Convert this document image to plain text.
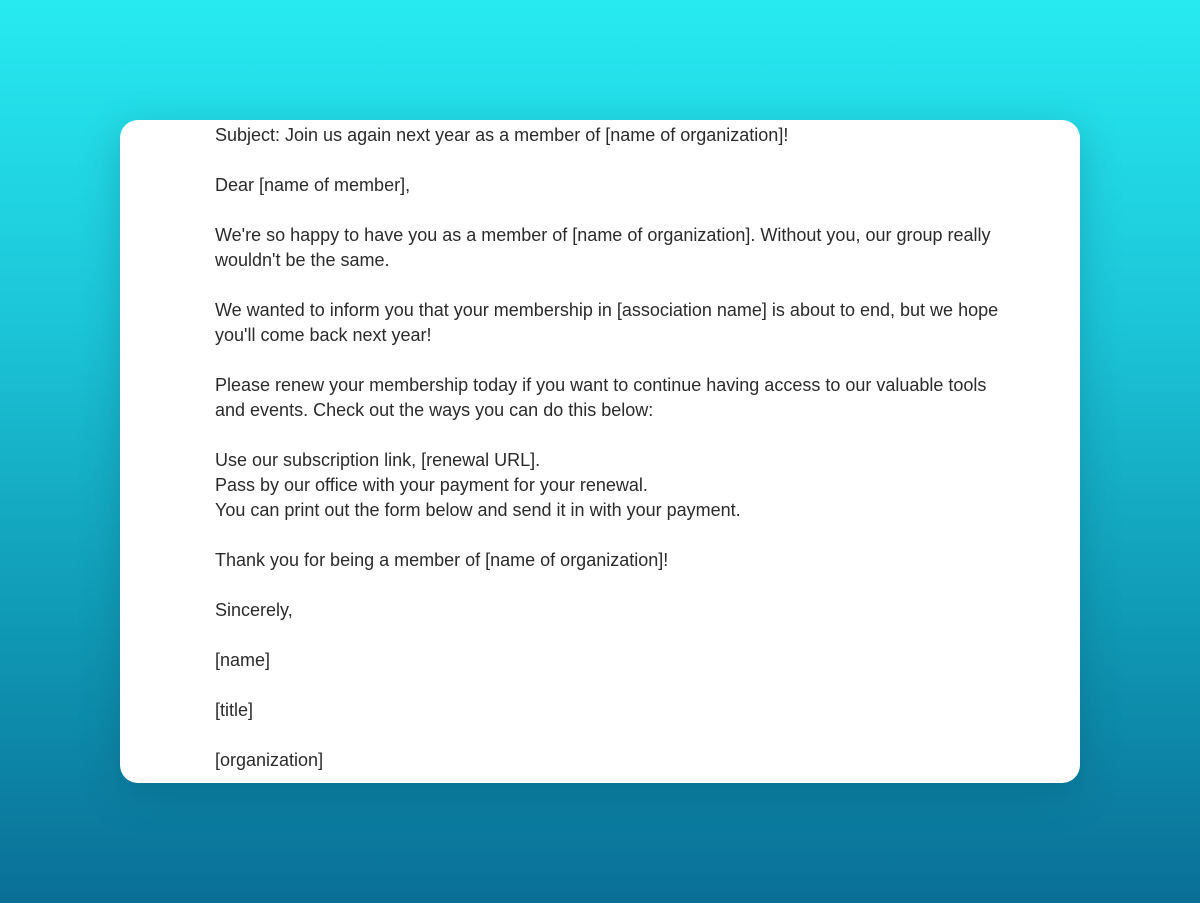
Subject: Join us again next year as a member of [name of organization]!

Dear [name of member],

We're so happy to have you as a member of [name of organization]. Without you, our group really wouldn't be the same.

We wanted to inform you that your membership in [association name] is about to end, but we hope you'll come back next year!

Please renew your membership today if you want to continue having access to our valuable tools and events. Check out the ways you can do this below:

Use our subscription link, [renewal URL].

Pass by our office with your payment for your renewal.

You can print out the form below and send it in with your payment.

Thank you for being a member of [name of organization]!

Sincerely,

[name]

[title]

[organization]
